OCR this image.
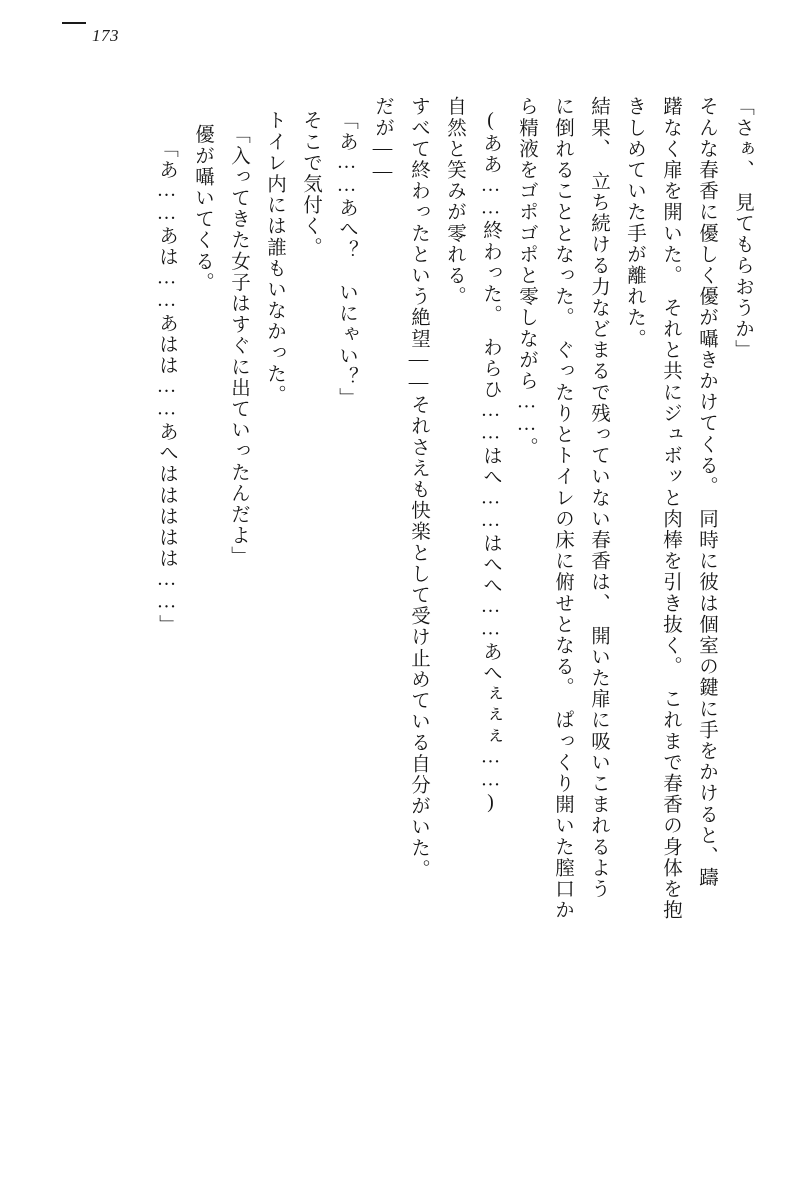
173
「さぁ、　見てもらおうか」
そんな春香に優しく優が囁きかけてくる。　同時に彼は個室の鍵に手をかけると、躊
躇なく扉を開いた。　それと共にジュボッと肉棒を引き抜く。　これまで春香の身体を抱
きしめていた手が離れた。
結果、　立ち続ける力などまるで残っていない春香は、　開いた扉に吸いこまれるよう
に倒れることとなった。　ぐったりとトイレの床に俯せとなる。　ぱっくり開いた膣口か
ら精液をゴポゴポと零しながら……。
(ああ……終わった。　わらひ……はへ……はへへ……あへぇぇぇ……)
自然と笑みが零れる。
すべて終わったという絶望——それさえも快楽として受け止めている自分がいた。
だが——
「あ……あへ？　いにゃい？」
そこで気付く。
トイレ内には誰もいなかった。
「入ってきた女子はすぐに出ていったんだよ」
優が囁いてくる。
「あ……あは……あはは……あへははははは……」
